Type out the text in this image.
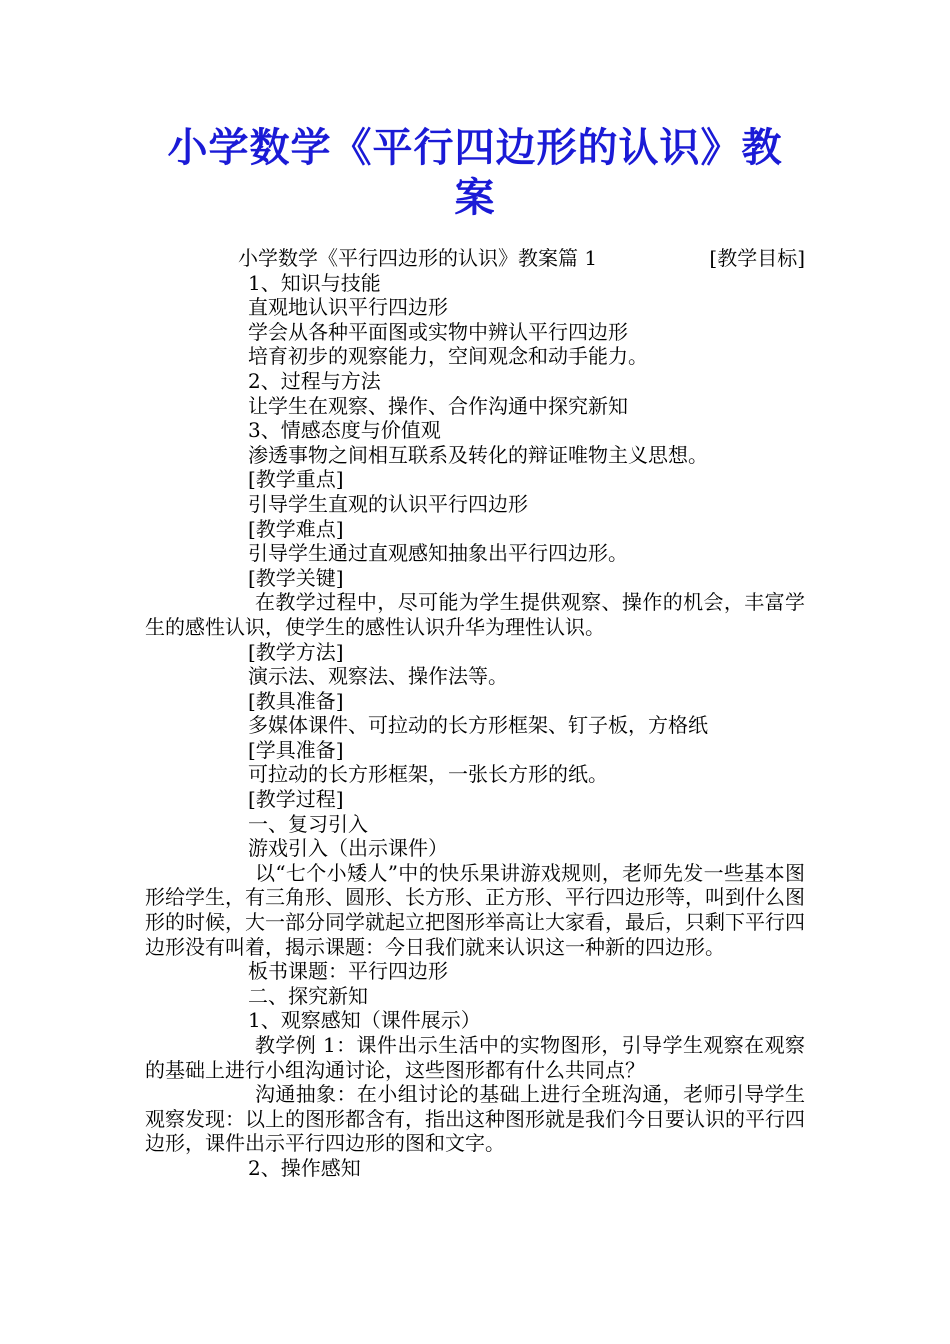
小学数学《平行四边形的认识》教
案
小学数学《平行四边形的认识》教案篇 1	[教学目标]
1、知识与技能
直观地认识平行四边形
学会从各种平面图或实物中辨认平行四边形
培育初步的观察能力，空间观念和动手能力。
2、过程与方法
让学生在观察、操作、合作沟通中探究新知
3、情感态度与价值观
渗透事物之间相互联系及转化的辩证唯物主义思想。
[教学重点]
引导学生直观的认识平行四边形
[教学难点]
引导学生通过直观感知抽象出平行四边形。
[教学关键]
在教学过程中，尽可能为学生提供观察、操作的机会，丰富学生的感性认识，使学生的感性认识升华为理性认识。
[教学方法]
演示法、观察法、操作法等。
[教具准备]
多媒体课件、可拉动的长方形框架、钉子板，方格纸
[学具准备]
可拉动的长方形框架，一张长方形的纸。
[教学过程]
一、复习引入
游戏引入（出示课件）
以“七个小矮人”中的快乐果讲游戏规则，老师先发一些基本图形给学生，有三角形、圆形、长方形、正方形、平行四边形等，叫到什么图形的时候，大一部分同学就起立把图形举高让大家看，最后，只剩下平行四边形没有叫着，揭示课题：今日我们就来认识这一种新的四边形。
板书课题：平行四边形
二、探究新知
1、观察感知（课件展示）
教学例 1：课件出示生活中的实物图形，引导学生观察在观察的基础上进行小组沟通讨论，这些图形都有什么共同点？
沟通抽象：在小组讨论的基础上进行全班沟通，老师引导学生观察发现：以上的图形都含有，指出这种图形就是我们今日要认识的平行四边形，课件出示平行四边形的图和文字。
2、操作感知
